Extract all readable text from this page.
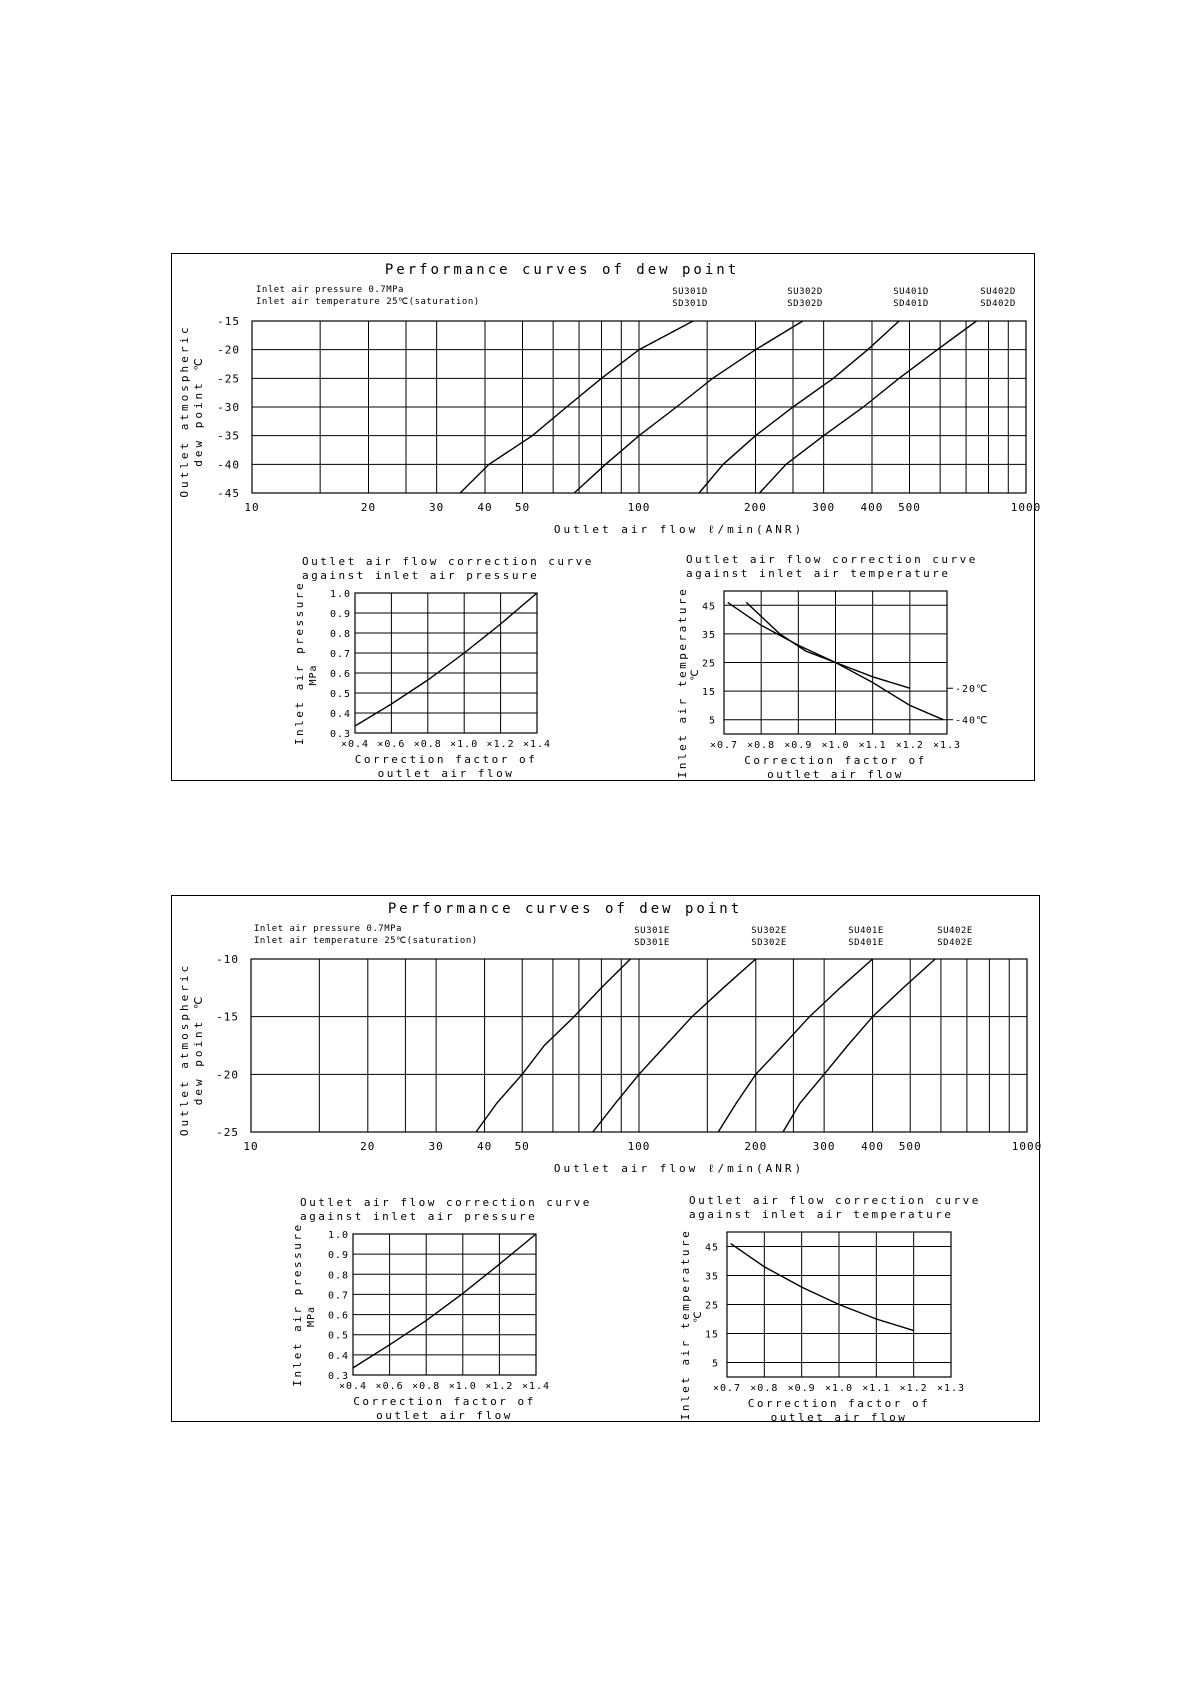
Performance curves of dew point
Inlet air pressure 0.7MPa
Inlet air temperature 25℃(saturation)
10	20	30	40 50	100	200	300 400 500	1000
-15
-20
-25
-30
-35
-40
-45
Outlet air flow ℓ/min(ANR)
Outlet atmospheric dew point ℃
SU301D
SD301D
SU302D
SD302D
SU401D
SD401D
SU402D
SD402D
Outlet air flow correction curve
against inlet air pressure
×0.4 ×0.6 ×0.8 ×1.0 ×1.2 ×1.4
1.0
0.9
0.8
0.7
0.6
0.5
0.4
0.3
Correction factor of
outlet air flow
Inlet air pressure MPa
Outlet air flow correction curve
against inlet air temperature
×0.7 ×0.8 ×0.9 ×1.0 ×1.1 ×1.2 ×1.3
45
35
25
15
5
Correction factor of
outlet air flow
Inlet air temperature ℃
-20℃
-40℃
Performance curves of dew point
Inlet air pressure 0.7MPa
Inlet air temperature 25℃(saturation)
10	20	30	40 50	100	200	300 400 500	1000
-10
-15
-20
-25
Outlet air flow ℓ/min(ANR)
Outlet atmospheric dew point ℃
SU301E
SD301E
SU302E
SD302E
SU401E
SD401E
SU402E
SD402E
Outlet air flow correction curve
against inlet air pressure
×0.4 ×0.6 ×0.8 ×1.0 ×1.2 ×1.4
1.0
0.9
0.8
0.7
0.6
0.5
0.4
0.3
Correction factor of
outlet air flow
Inlet air pressure MPa
Outlet air flow correction curve
against inlet air temperature
×0.7 ×0.8 ×0.9 ×1.0 ×1.1 ×1.2 ×1.3
45
35
25
15
5
Correction factor of
outlet air flow
Inlet air temperature ℃
